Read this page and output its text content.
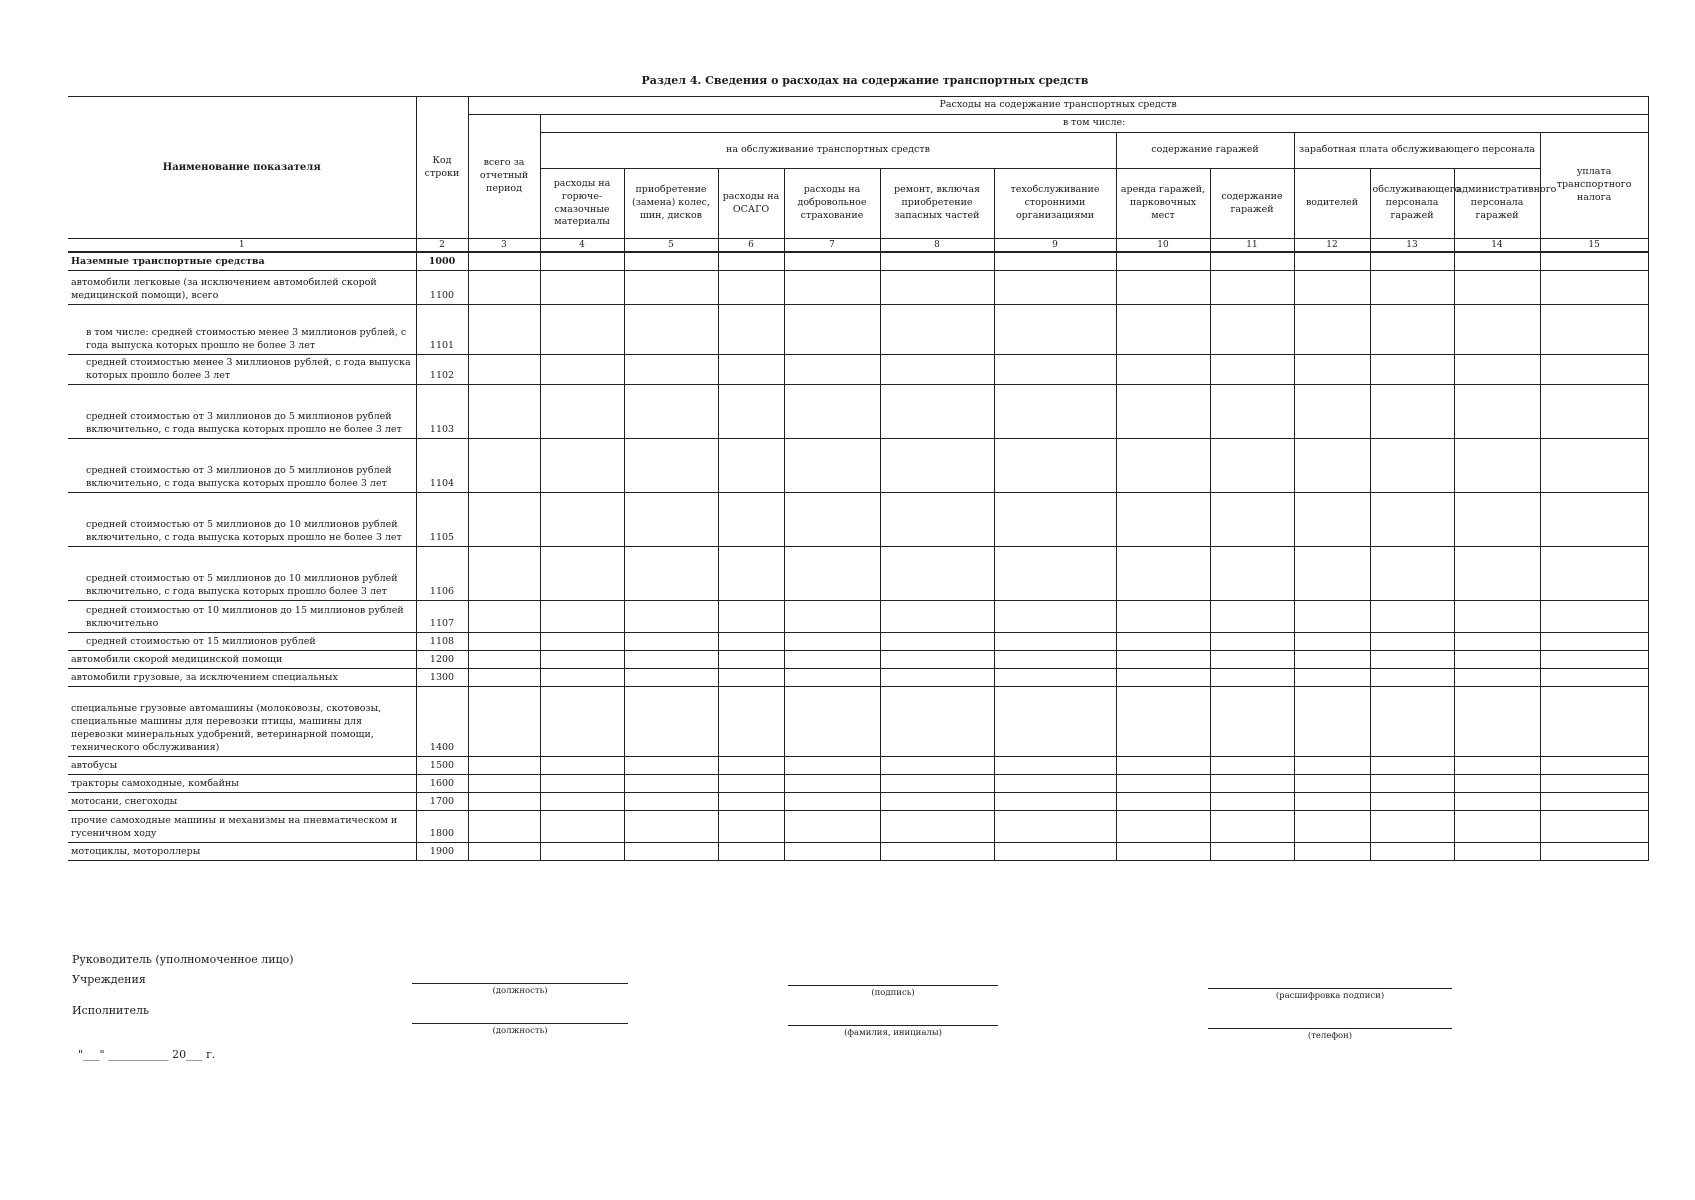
Раздел 4. Сведения о расходах на содержание транспортных средств
Наименование показателя	Код строки	Расходы на содержание транспортных средств												
		всего за отчетный период	в том числе:											
			на обслуживание транспортных средств						содержание гаражей		заработная плата обслуживающего персонала			уплата транспортного налога
			расходы на горюче-смазочные материалы	приобретение (замена) колес, шин, дисков	расходы на ОСАГО	расходы на добровольное страхование	ремонт, включая приобретение запасных частей	техобслуживание сторонними организациями	аренда гаражей, парковочных мест	содержание гаражей	водителей	обслуживающего персонала гаражей	административного персонала гаражей	
1	2	3	4	5	6	7	8	9	10	11	12	13	14	15
Наземные транспортные средства	1000													
автомобили легковые (за исключением автомобилей скорой медицинской помощи), всего	1100													
в том числе: средней стоимостью менее 3 миллионов рублей, с года выпуска которых прошло не более 3 лет	1101													
средней стоимостью менее 3 миллионов рублей, с года выпуска которых прошло более 3 лет	1102													
средней стоимостью от 3 миллионов до 5 миллионов рублей включительно, с года выпуска которых прошло не более 3 лет	1103													
средней стоимостью от 3 миллионов до 5 миллионов рублей включительно, с года выпуска которых прошло более 3 лет	1104													
средней стоимостью от 5 миллионов до 10 миллионов рублей включительно, с года выпуска которых прошло не более 3 лет	1105													
средней стоимостью от 5 миллионов до 10 миллионов рублей включительно, с года выпуска которых прошло более 3 лет	1106													
средней стоимостью от 10 миллионов до 15 миллионов рублей включительно	1107													
средней стоимостью от 15 миллионов рублей	1108													
автомобили скорой медицинской помощи	1200													
автомобили грузовые, за исключением специальных	1300													
специальные грузовые автомашины (молоковозы, скотовозы, специальные машины для перевозки птицы, машины для перевозки минеральных удобрений, ветеринарной помощи, технического обслуживания)	1400													
автобусы	1500													
тракторы самоходные, комбайны	1600													
мотосани, снегоходы	1700													
прочие самоходные машины и механизмы на пневматическом и гусеничном ходу	1800													
мотоциклы, мотороллеры	1900													
Руководитель (уполномоченное лицо) Учреждения
Исполнитель
(должность)	(подпись)	(расшифровка подписи)
(должность)	(фамилия, инициалы)	(телефон)
"___" ___________ 20___ г.
